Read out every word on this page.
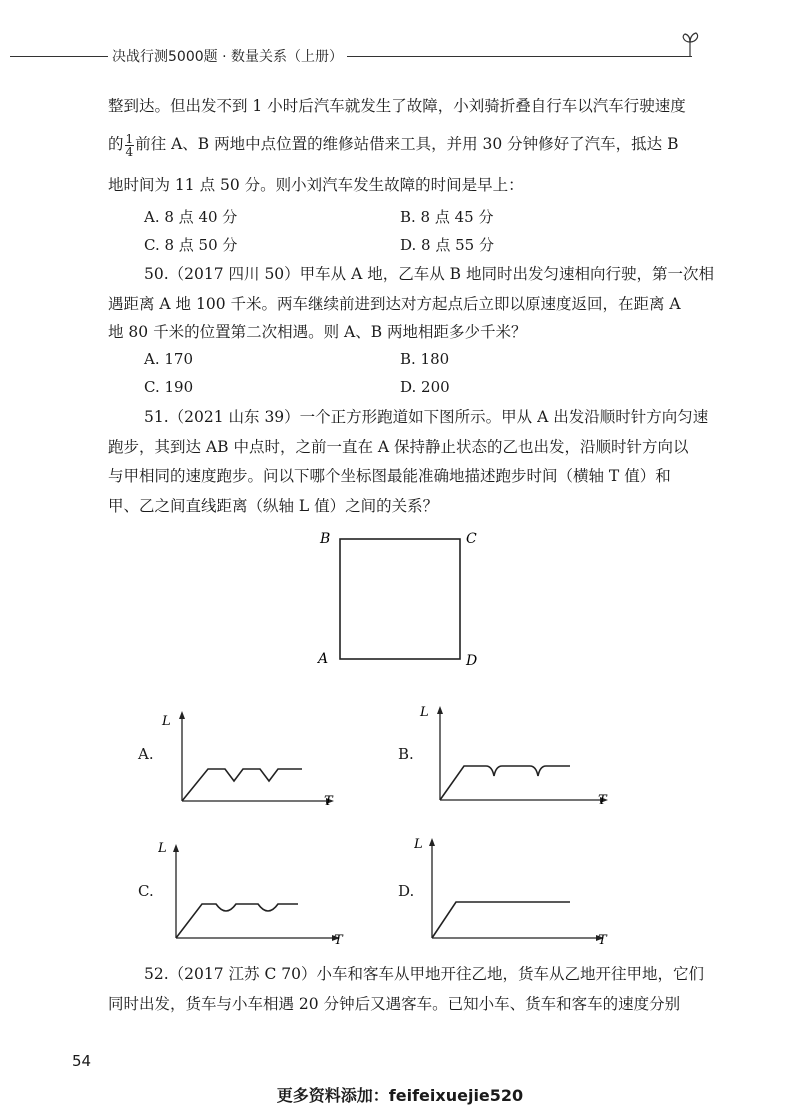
决战行测5000题 · 数量关系（上册）
整到达。但出发不到 1 小时后汽车就发生了故障，小刘骑折叠自行车以汽车行驶速度
的 $\frac{1}{4}$ 前往 A、B 两地中点位置的维修站借来工具，并用 30 分钟修好了汽车，抵达 B
地时间为 11 点 50 分。则小刘汽车发生故障的时间是早上：
A. 8 点 40 分	B. 8 点 45 分
C. 8 点 50 分	D. 8 点 55 分
50.（2017 四川 50）甲车从 A 地，乙车从 B 地同时出发匀速相向行驶，第一次相
遇距离 A 地 100 千米。两车继续前进到达对方起点后立即以原速度返回，在距离 A
地 80 千米的位置第二次相遇。则 A、B 两地相距多少千米？
A. 170	B. 180
C. 190	D. 200
51.（2021 山东 39）一个正方形跑道如下图所示。甲从 A 出发沿顺时针方向匀速
跑步，其到达 AB 中点时，之前一直在 A 保持静止状态的乙也出发，沿顺时针方向以
与甲相同的速度跑步。问以下哪个坐标图最能准确地描述跑步时间（横轴 T 值）和
甲、乙之间直线距离（纵轴 L 值）之间的关系？
B	C
A	D
A.
L
T
B.
L
T
C.
L
T
D.
L
T
52.（2017 江苏 C 70）小车和客车从甲地开往乙地，货车从乙地开往甲地，它们
同时出发，货车与小车相遇 20 分钟后又遇客车。已知小车、货车和客车的速度分别
54
更多资料添加：feifeixuejie520
